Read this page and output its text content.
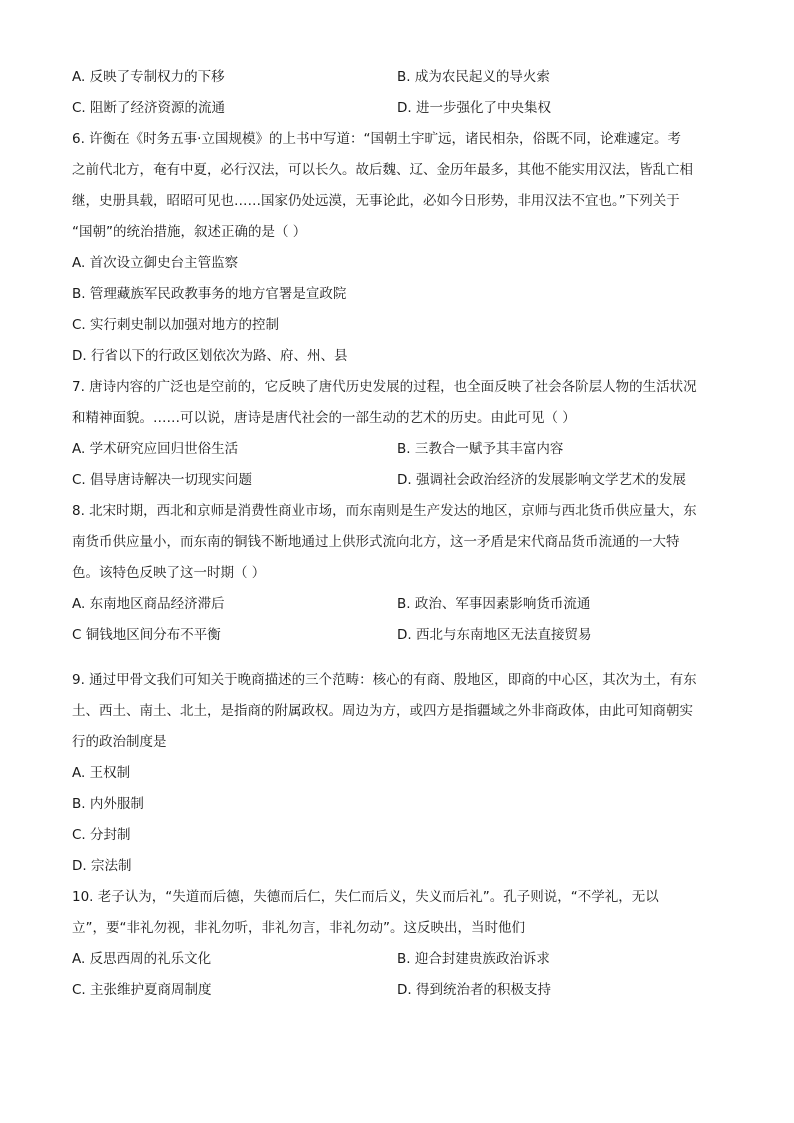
A. 反映了专制权力的下移	B. 成为农民起义的导火索
C. 阻断了经济资源的流通	D. 进一步强化了中央集权
6. 许衡在《时务五事·立国规模》的上书中写道：“国朝土宇旷远，诸民相杂，俗既不同，论难遽定。考
之前代北方，奄有中夏，必行汉法，可以长久。故后魏、辽、金历年最多，其他不能实用汉法，皆乱亡相
继，史册具载，昭昭可见也……国家仍处远漠，无事论此，必如今日形势，非用汉法不宜也。”下列关于
“国朝”的统治措施，叙述正确的是（ ）
A. 首次设立御史台主管监察
B. 管理藏族军民政教事务的地方官署是宣政院
C. 实行刺史制以加强对地方的控制
D. 行省以下的行政区划依次为路、府、州、县
7. 唐诗内容的广泛也是空前的，它反映了唐代历史发展的过程，也全面反映了社会各阶层人物的生活状况
和精神面貌。……可以说，唐诗是唐代社会的一部生动的艺术的历史。由此可见（ ）
A. 学术研究应回归世俗生活	B. 三教合一赋予其丰富内容
C. 倡导唐诗解决一切现实问题	D. 强调社会政治经济的发展影响文学艺术的发展
8. 北宋时期，西北和京师是消费性商业市场，而东南则是生产发达的地区，京师与西北货币供应量大，东
南货币供应量小，而东南的铜钱不断地通过上供形式流向北方，这一矛盾是宋代商品货币流通的一大特
色。该特色反映了这一时期（ ）
A. 东南地区商品经济滞后	B. 政治、军事因素影响货币流通
C 铜钱地区间分布不平衡	D. 西北与东南地区无法直接贸易
9. 通过甲骨文我们可知关于晚商描述的三个范畴：核心的有商、殷地区，即商的中心区，其次为土，有东
土、西土、南土、北土，是指商的附属政权。周边为方，或四方是指疆域之外非商政体，由此可知商朝实
行的政治制度是
A. 王权制
B. 内外服制
C. 分封制
D. 宗法制
10. 老子认为，“失道而后德，失德而后仁，失仁而后义，失义而后礼”。孔子则说，“不学礼，无以
立”，要“非礼勿视，非礼勿听，非礼勿言，非礼勿动”。这反映出，当时他们
A. 反思西周的礼乐文化	B. 迎合封建贵族政治诉求
C. 主张维护夏商周制度	D. 得到统治者的积极支持
